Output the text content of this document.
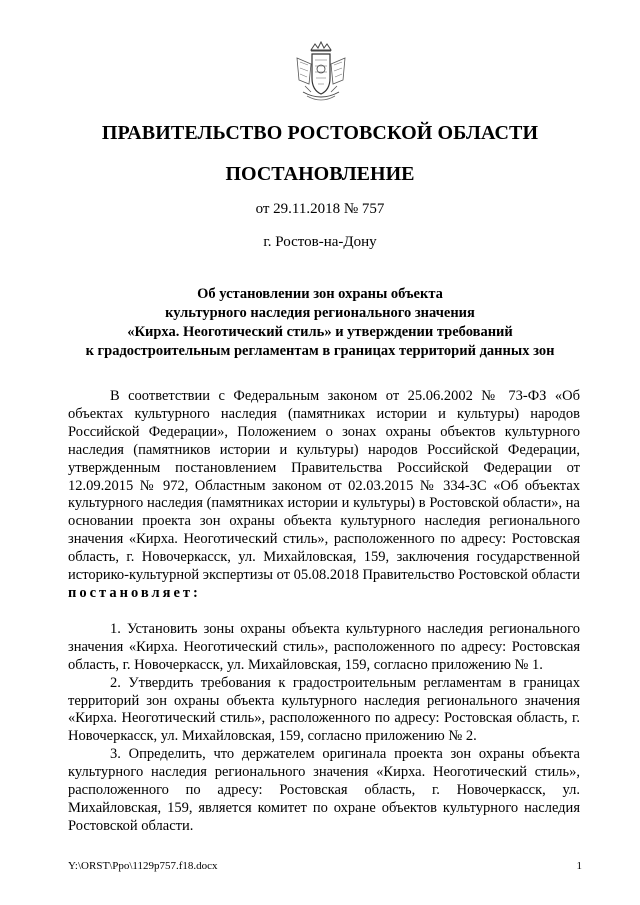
ПРАВИТЕЛЬСТВО РОСТОВСКОЙ ОБЛАСТИ
ПОСТАНОВЛЕНИЕ
от 29.11.2018 № 757
г. Ростов-на-Дону
Об установлении зон охраны объекта
культурного наследия регионального значения
«Кирха. Неоготический стиль» и утверждении требований
к градостроительным регламентам в границах территорий данных зон

В соответствии с Федеральным законом от 25.06.2002 № 73-ФЗ «Об объектах культурного наследия (памятниках истории и культуры) народов Российской Федерации», Положением о зонах охраны объектов культурного наследия (памятников истории и культуры) народов Российской Федерации, утвержденным постановлением Правительства Российской Федерации от 12.09.2015 № 972, Областным законом от 02.03.2015 № 334-ЗС «Об объектах культурного наследия (памятниках истории и культуры) в Ростовской области», на основании проекта зон охраны объекта культурного наследия регионального значения «Кирха. Неоготический стиль», расположенного по адресу: Ростовская область, г. Новочеркасск, ул. Михайловская, 159, заключения государственной историко-культурной экспертизы от 05.08.2018 Правительство Ростовской области постановляет:

1. Установить зоны охраны объекта культурного наследия регионального значения «Кирха. Неоготический стиль», расположенного по адресу: Ростовская область, г. Новочеркасск, ул. Михайловская, 159, согласно приложению № 1.
2. Утвердить требования к градостроительным регламентам в границах территорий зон охраны объекта культурного наследия регионального значения «Кирха. Неоготический стиль», расположенного по адресу: Ростовская область, г. Новочеркасск, ул. Михайловская, 159, согласно приложению № 2.
3. Определить, что держателем оригинала проекта зон охраны объекта культурного наследия регионального значения «Кирха. Неоготический стиль», расположенного по адресу: Ростовская область, г. Новочеркасск, ул. Михайловская, 159, является комитет по охране объектов культурного наследия Ростовской области.

Y:\ORST\Ppo\1129p757.f18.docx	1
